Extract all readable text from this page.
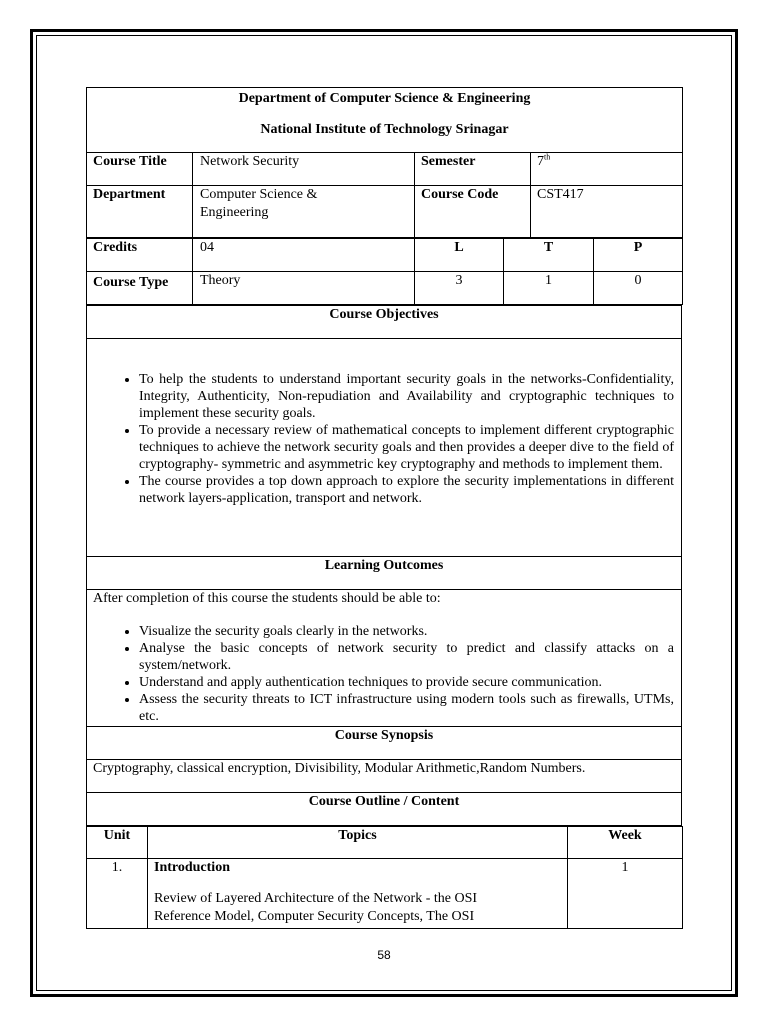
Department of Computer Science & Engineering
National Institute of Technology Srinagar			

Course Title	Network Security	Semester	7th
Department	Computer Science &
Engineering	Course Code	CST417
Credits	04	L	T	P
Course Type	Theory	3	1	0
Course Objectives

• To help the students to understand important security goals in the networks-Confidentiality, Integrity, Authenticity, Non-repudiation and Availability and cryptographic techniques to implement these security goals.
• To provide a necessary review of mathematical concepts to implement different cryptographic techniques to achieve the network security goals and then provides a deeper dive to the field of cryptography- symmetric and asymmetric key cryptography and methods to implement them.
• The course provides a top down approach to explore the security implementations in different network layers-application, transport and network.

Learning Outcomes

After completion of this course the students should be able to:
• Visualize the security goals clearly in the networks.
• Analyse the basic concepts of network security to predict and classify attacks on a system/network.
• Understand and apply authentication techniques to provide secure communication.
• Assess the security threats to ICT infrastructure using modern tools such as firewalls, UTMs, etc.

Course Synopsis
Cryptography, classical encryption, Divisibility, Modular Arithmetic,Random Numbers.
Course Outline / Content
Unit	Topics	Week
1.	Introduction
Review of Layered Architecture of the Network - the OSI
Reference Model, Computer Security Concepts, The OSI	1
58
